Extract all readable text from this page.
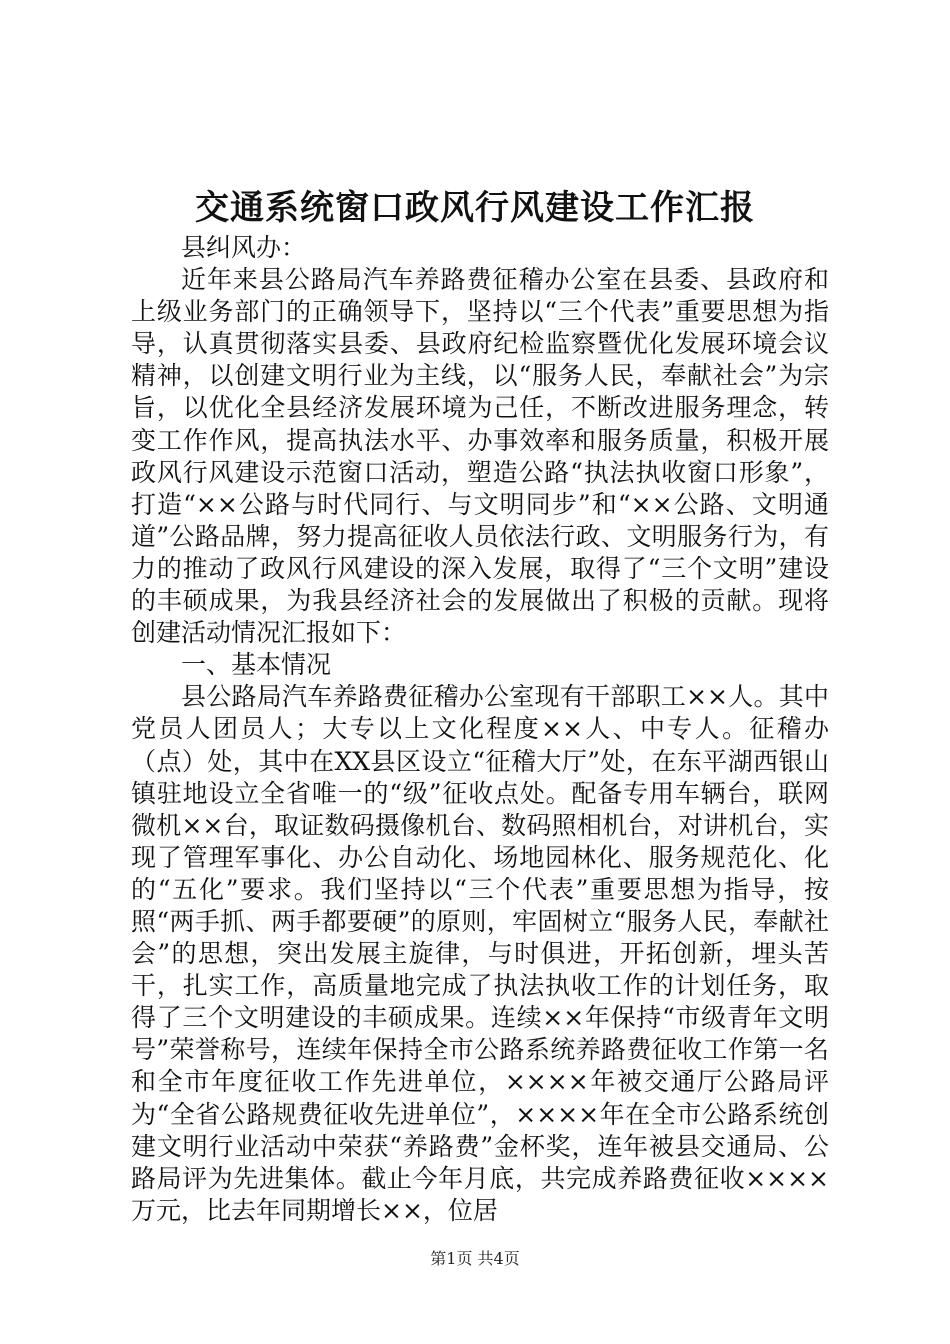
交通系统窗口政风行风建设工作汇报

县纠风办：

近年来县公路局汽车养路费征稽办公室在县委、县政府和上级业务部门的正确领导下，坚持以“三个代表”重要思想为指导，认真贯彻落实县委、县政府纪检监察暨优化发展环境会议精神，以创建文明行业为主线，以“服务人民，奉献社会”为宗旨，以优化全县经济发展环境为己任，不断改进服务理念，转变工作作风，提高执法水平、办事效率和服务质量，积极开展政风行风建设示范窗口活动，塑造公路“执法执收窗口形象”，打造“××公路与时代同行、与文明同步”和“××公路、文明通道”公路品牌，努力提高征收人员依法行政、文明服务行为，有力的推动了政风行风建设的深入发展，取得了“三个文明”建设的丰硕成果，为我县经济社会的发展做出了积极的贡献。现将创建活动情况汇报如下：

一、基本情况

县公路局汽车养路费征稽办公室现有干部职工××人。其中党员人团员人；大专以上文化程度××人、中专人。征稽办（点）处，其中在XX县区设立“征稽大厅”处，在东平湖西银山镇驻地设立全省唯一的“级”征收点处。配备专用车辆台，联网微机××台，取证数码摄像机台、数码照相机台，对讲机台，实现了管理军事化、办公自动化、场地园林化、服务规范化、化的“五化”要求。我们坚持以“三个代表”重要思想为指导，按照“两手抓、两手都要硬”的原则，牢固树立“服务人民，奉献社会”的思想，突出发展主旋律，与时俱进，开拓创新，埋头苦干，扎实工作，高质量地完成了执法执收工作的计划任务，取得了三个文明建设的丰硕成果。连续××年保持“市级青年文明号”荣誉称号，连续年保持全市公路系统养路费征收工作第一名和全市年度征收工作先进单位，××××年被交通厅公路局评为“全省公路规费征收先进单位”，××××年在全市公路系统创建文明行业活动中荣获“养路费”金杯奖，连年被县交通局、公路局评为先进集体。截止今年月底，共完成养路费征收××××万元，比去年同期增长××，位居

第1页 共4页
